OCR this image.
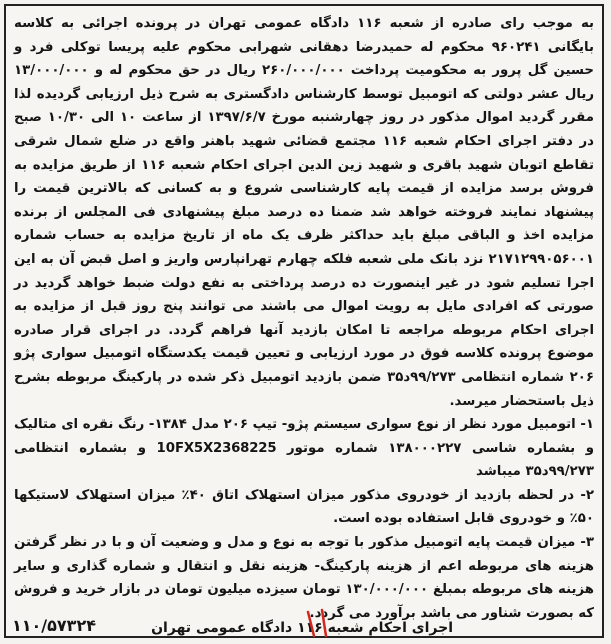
به موجب رای صادره از شعبه ۱۱۶ دادگاه عمومی تهران در پرونده اجرائی به کلاسه بایگانی ۹۶۰۲۴۱ محکوم له حمیدرضا دهقانی شهرابی محکوم علیه پریسا توکلی فرد و حسین گل پرور به محکومیت پرداخت ۲۶۰/۰۰۰/۰۰۰ ریال در حق محکوم له و ۱۳/۰۰۰/۰۰۰ ریال عشر دولتی که اتومبیل توسط کارشناس دادگستری به شرح ذیل ارزیابی گردیده لذا مقرر گردید اموال مذکور در روز چهارشنبه مورخ ۱۳۹۷/۶/۷ از ساعت ۱۰ الی ۱۰/۳۰ صبح در دفتر اجرای احکام شعبه ۱۱۶ مجتمع قضائی شهید باهنر واقع در ضلع شمال شرقی تقاطع اتوبان شهید باقری و شهید زین الدین اجرای احکام شعبه ۱۱۶ از طریق مزایده به فروش برسد مزایده از قیمت پایه کارشناسی شروع و به کسانی که بالاترین قیمت را پیشنهاد نمایند فروخته خواهد شد ضمنا ده درصد مبلغ پیشنهادی فی المجلس از برنده مزایده اخذ و الباقی مبلغ باید حداکثر ظرف یک ماه از تاریخ مزایده به حساب شماره ۲۱۷۱۲۹۹۰۵۶۰۰۱ نزد بانک ملی شعبه فلکه چهارم تهرانپارس واریز و اصل قبض آن به این اجرا تسلیم شود در غیر اینصورت ده درصد پرداختی به نفع دولت ضبط خواهد گردید در صورتی که افرادی مایل به رویت اموال می باشند می توانند پنج روز قبل از مزایده به اجرای احکام مربوطه مراجعه تا امکان بازدید آنها فراهم گردد. در اجرای قرار صادره موضوع پرونده کلاسه فوق در مورد ارزیابی و تعیین قیمت یکدستگاه اتومبیل سواری پژو ۲۰۶ شماره انتظامی ۹۹/۲۷۳د۳۵ ضمن بازدید اتومبیل ذکر شده در پارکینگ مربوطه بشرح ذیل باستحضار میرسد.

۱- اتومبیل مورد نظر از نوع سواری سیستم پژو- تیپ ۲۰۶ مدل ۱۳۸۴- رنگ نقره ای متالیک و بشماره شاسی ۱۳۸۰۰۰۲۲۷ شماره موتور 10FX5X2368225 و بشماره انتظامی ۹۹/۲۷۳د۳۵ میباشد

۲- در لحظه بازدید از خودروی مذکور میزان استهلاک اتاق ۴۰٪ میزان استهلاک لاستیکها ۵۰٪ و خودروی قابل استفاده بوده است.

۳- میزان قیمت پایه اتومبیل مذکور با توجه به نوع و مدل و وضعیت آن و با در نظر گرفتن هزینه های مربوطه اعم از هزینه پارکینگ- هزینه نقل و انتقال و شماره گذاری و سایر هزینه های مربوطه بمبلغ ۱۳۰/۰۰۰/۰۰۰ تومان سیزده میلیون تومان در بازار خرید و فروش که بصورت شناور می باشد برآورد می گردد.

اجرای احکام شعبه ۱۱۶ دادگاه عمومی تهران
۱۱۰/۵۷۳۲۴
